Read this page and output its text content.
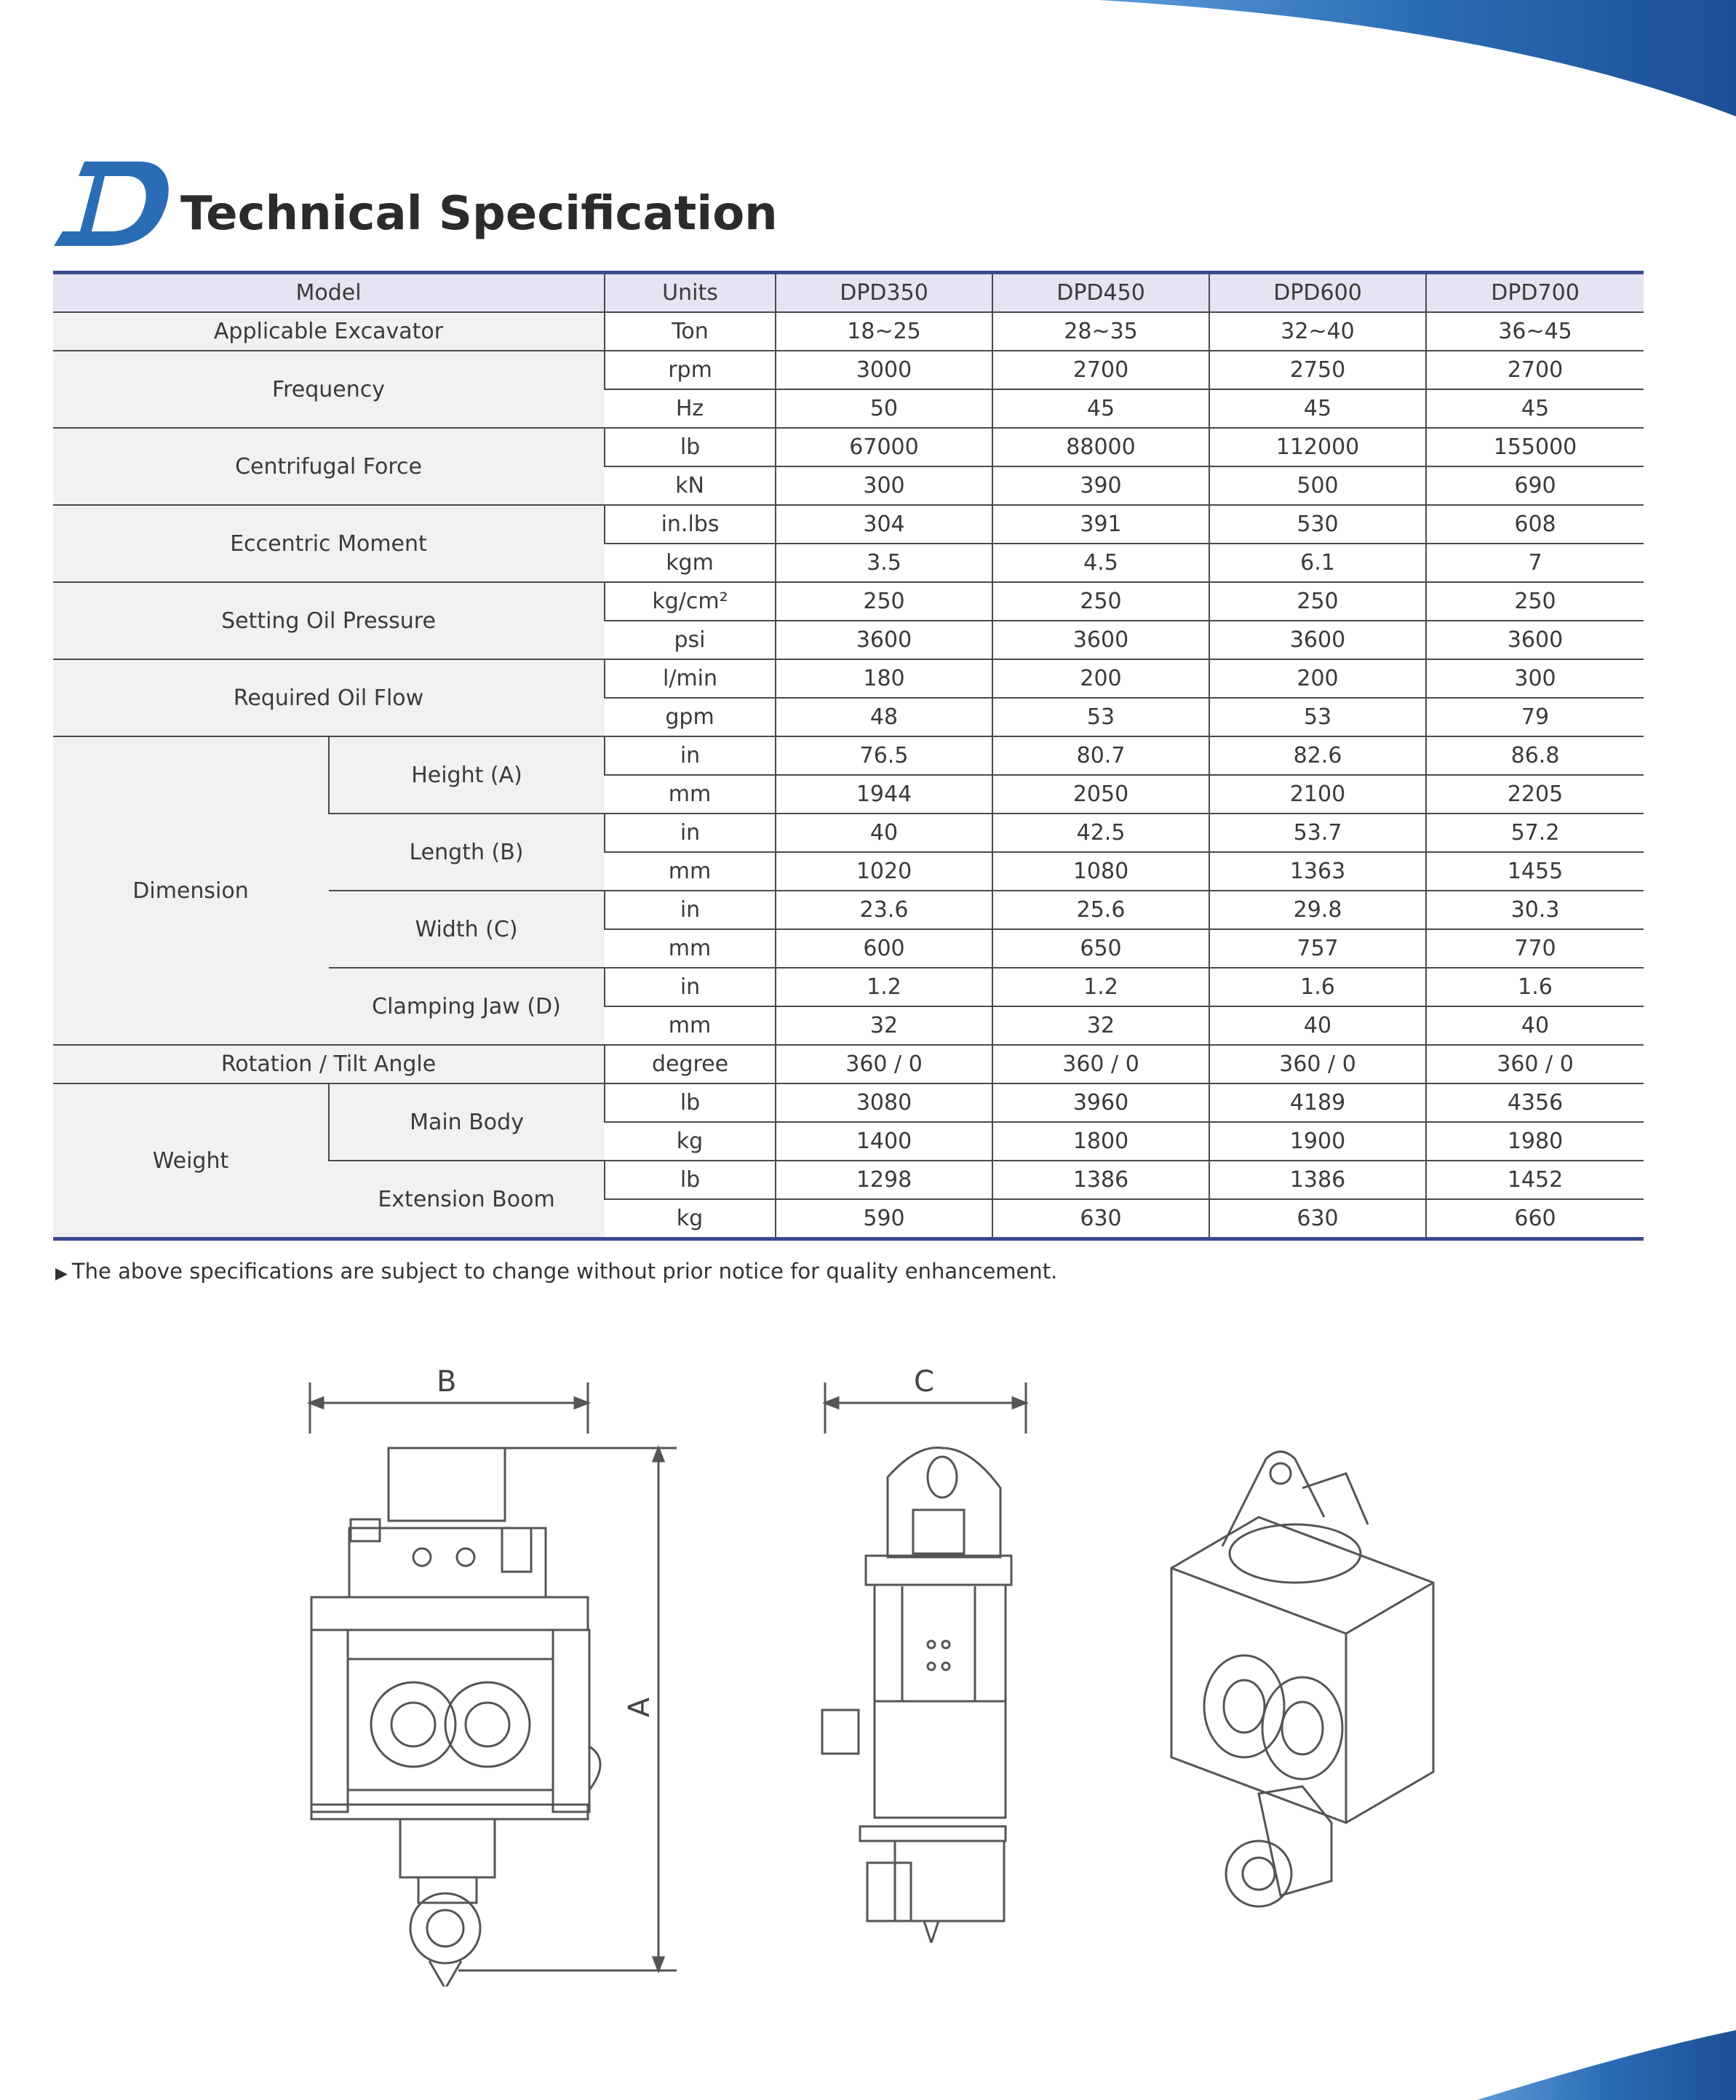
Technical Specification
Model		Units	DPD350	DPD450	DPD600	DPD700
Applicable Excavator		Ton	18~25	28~35	32~40	36~45
Frequency		rpm	3000	2700	2750	2700
		Hz	50	45	45	45
Centrifugal Force		lb	67000	88000	112000	155000
		kN	300	390	500	690
Eccentric Moment		in.lbs	304	391	530	608
		kgm	3.5	4.5	6.1	7
Setting Oil Pressure		kg/cm²	250	250	250	250
		psi	3600	3600	3600	3600
Required Oil Flow		l/min	180	200	200	300
		gpm	48	53	53	79
Dimension	Height (A)	in	76.5	80.7	82.6	86.8
		mm	1944	2050	2100	2205
	Length (B)	in	40	42.5	53.7	57.2
		mm	1020	1080	1363	1455
	Width (C)	in	23.6	25.6	29.8	30.3
		mm	600	650	757	770
	Clamping Jaw (D)	in	1.2	1.2	1.6	1.6
		mm	32	32	40	40
Rotation / Tilt Angle		degree	360 / 0	360 / 0	360 / 0	360 / 0
Weight	Main Body	lb	3080	3960	4189	4356
		kg	1400	1800	1900	1980
	Extension Boom	lb	1298	1386	1386	1452
		kg	590	630	630	660
▶ The above specifications are subject to change without prior notice for quality enhancement.
B
A
C
